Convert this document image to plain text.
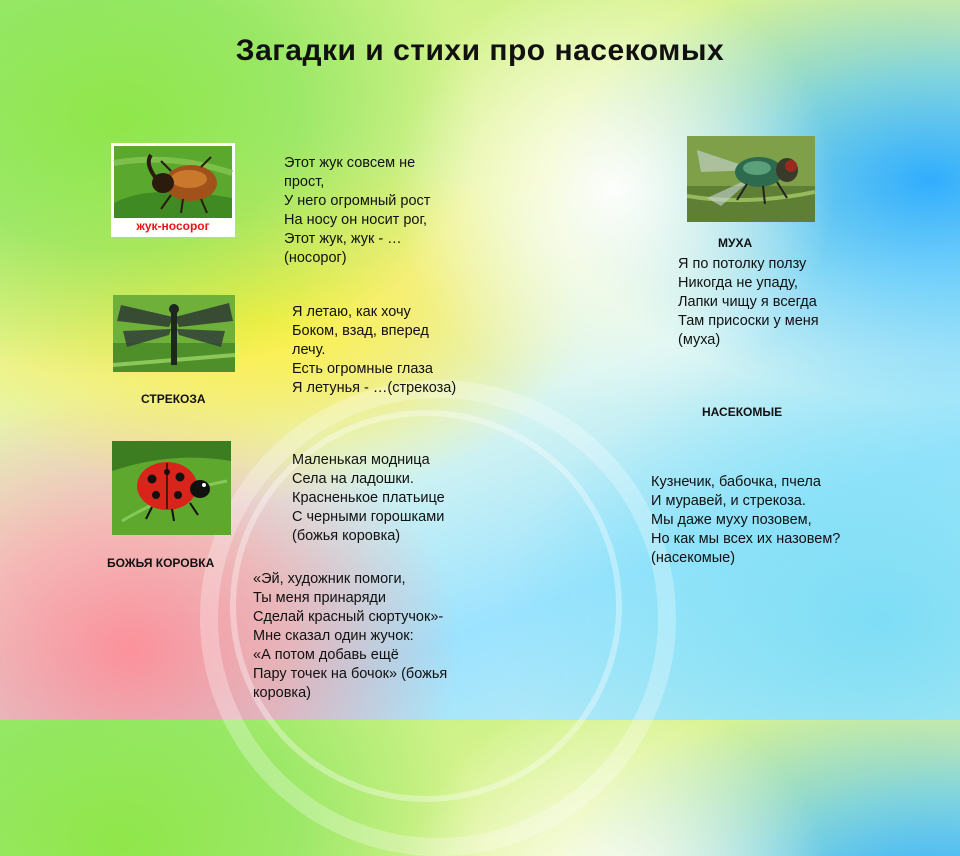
Загадки и стихи про насекомых
жук-носорог
Этот жук совсем не
прост,
У него огромный рост
На носу он носит рог,
Этот жук, жук - …
(носорог)
СТРЕКОЗА
Я летаю, как хочу
Боком, взад, вперед
лечу.
Есть огромные глаза
Я летунья - …(стрекоза)
БОЖЬЯ КОРОВКА
Маленькая модница
Села на ладошки.
Красненькое платьице
С черными горошками
(божья коровка)
«Эй, художник помоги,
Ты меня принаряди
Сделай красный сюртучок»-
Мне сказал один жучок:
«А потом добавь ещё
Пару точек на бочок» (божья
коровка)
МУХА
Я по потолку ползу
Никогда не упаду,
Лапки чищу я всегда
Там присоски у меня
(муха)
НАСЕКОМЫЕ
Кузнечик, бабочка, пчела
И муравей, и стрекоза.
Мы даже муху позовем,
Но как мы всех их назовем?
(насекомые)
